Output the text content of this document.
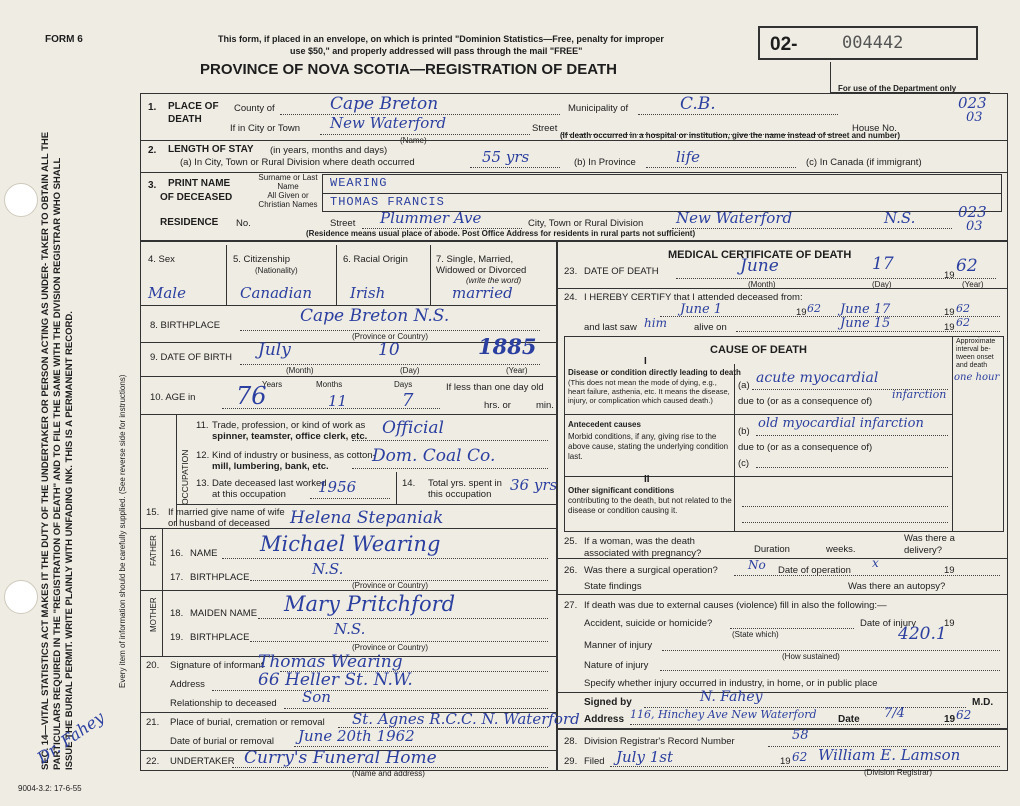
SEC. 14—VITAL STATISTICS ACT MAKES IT THE DUTY OF THE UNDERTAKER OR PERSON ACTING AS UNDER- TAKER TO OBTAIN ALL THE PARTICULARS REQUIRED IN THE "REGISTRATION OF DEATH" AND TO FILE THE SAME WITH THE DIVISION REGISTRAR WHO SHALL ISSUE THE BURIAL PERMIT. WRITE PLAINLY WITH UNFADING INK. THIS IS A PERMANENT RECORD.	Every item of information should be carefully supplied. (See reverse side for instructions)
Dr. Fahey
9004-3.2: 17-6-55
FORM 6	This form, if placed in an envelope, on which is printed "Dominion Statistics—Free, penalty for improper
use $50," and properly addressed will pass through the mail "FREE"
PROVINCE OF NOVA SCOTIA—REGISTRATION OF DEATH
02-	004442
For use of the Department only
1. PLACE OF DEATH
County of	Cape Breton	Municipality of	C.B.
If in City or Town New Waterford
(Name)
Street	House No.
(If death occurred in a hospital or institution, give the name instead of street and number)
023
03
2. LENGTH OF STAY (in years, months and days)
(a) In City, Town or Rural Division where death occurred	55 yrs	(b) In Province	life	(c) In Canada (if immigrant)
3. PRINT NAME
OF DECEASED
Surname or Last Name
All Given or Christian Names
WEARING
THOMAS FRANCIS
RESIDENCE No.	Street Plummer Ave	City, Town or Rural Division New Waterford	N.S.
(Residence means usual place of abode. Post Office Address for residents in rural parts not sufficient)
023
03
4. Sex	5. Citizenship
(Nationality)
6. Racial Origin	7. Single, Married, Widowed or Divorced
(write the word)
Male	Canadian	Irish	married
8. BIRTHPLACE	Cape Breton N.S.
(Province or Country)
9. DATE OF BIRTH July	10	1885
(Month)	(Day)	(Year)
10. AGE in
Years	Months	Days
76	11	7
If less than one day old
hrs. or	min.
OCCUPATION
11. Trade, profession, or kind of work as
spinner, teamster, office clerk, etc. Official
12. Kind of industry or business, as cotton-
mill, lumbering, bank, etc.
Dom. Coal Co.
13. Date deceased last worked
at this occupation 1956	14. Total yrs. spent in
this occupation
36 yrs
15. If married give name of wife
or husband of deceased Helena Stepaniak
FATHER
MOTHER
16. NAME Michael Wearing
17. BIRTHPLACE	N.S.
(Province or Country)
18. MAIDEN NAME Mary Pritchford
19. BIRTHPLACE	N.S.
(Province or Country)
20. Signature of informant
Thomas Wearing
Address	66 Heller St. N.W.
Relationship to deceased Son
21. Place of burial, cremation or removal St. Agnes R.C.C. N. Waterford
Date of burial or removal June 20th 1962
22. UNDERTAKER Curry's Funeral Home
(Name and address)
MEDICAL CERTIFICATE OF DEATH
23. DATE OF DEATH	June	17
19 62
(Month)	(Day)	(Year)
24. I HEREBY CERTIFY that I attended deceased from:
June 1	19 62 June 17	19 62
and last saw him	alive on	June 15	19 62
CAUSE OF DEATH
Approximate interval be- tween onset and death
I
Disease or condition directly leading to death
(This does not mean the mode of dying, e.g., heart failure, asthenia, etc. It means the disease, injury, or complication which caused death.)
(a) acute myocardial	one hour
due to (or as a consequence of)
infarction
Antecedent causes
Morbid conditions, if any, giving rise to the above cause, stating the underlying condition last.
(b)
old myocardial infarction
due to (or as a consequence of)
(c)
II
Other significant conditions
contributing to the death, but not related to the disease or condition causing it.
25. If a woman, was the death associated with pregnancy?	Duration	weeks.
Was there a delivery?
26. Was there a surgical operation?	No Date of operation
x
19
State findings	Was there an autopsy?
27. If death was due to external causes (violence) fill in also the following:—
Accident, suicide or homicide?	Date of injury	19
(State which)
Manner of injury
420.1
(How sustained)
Nature of injury
Specify whether injury occurred in industry, in home, or in public place
Signed by	N. Fahey	M.D.
Address 116, Hinchey Ave New Waterford Date 7/4	19 62
28. Division Registrar's Record Number	58
29. Filed July 1st	19 62 William E. Lamson
(Division Registrar)
